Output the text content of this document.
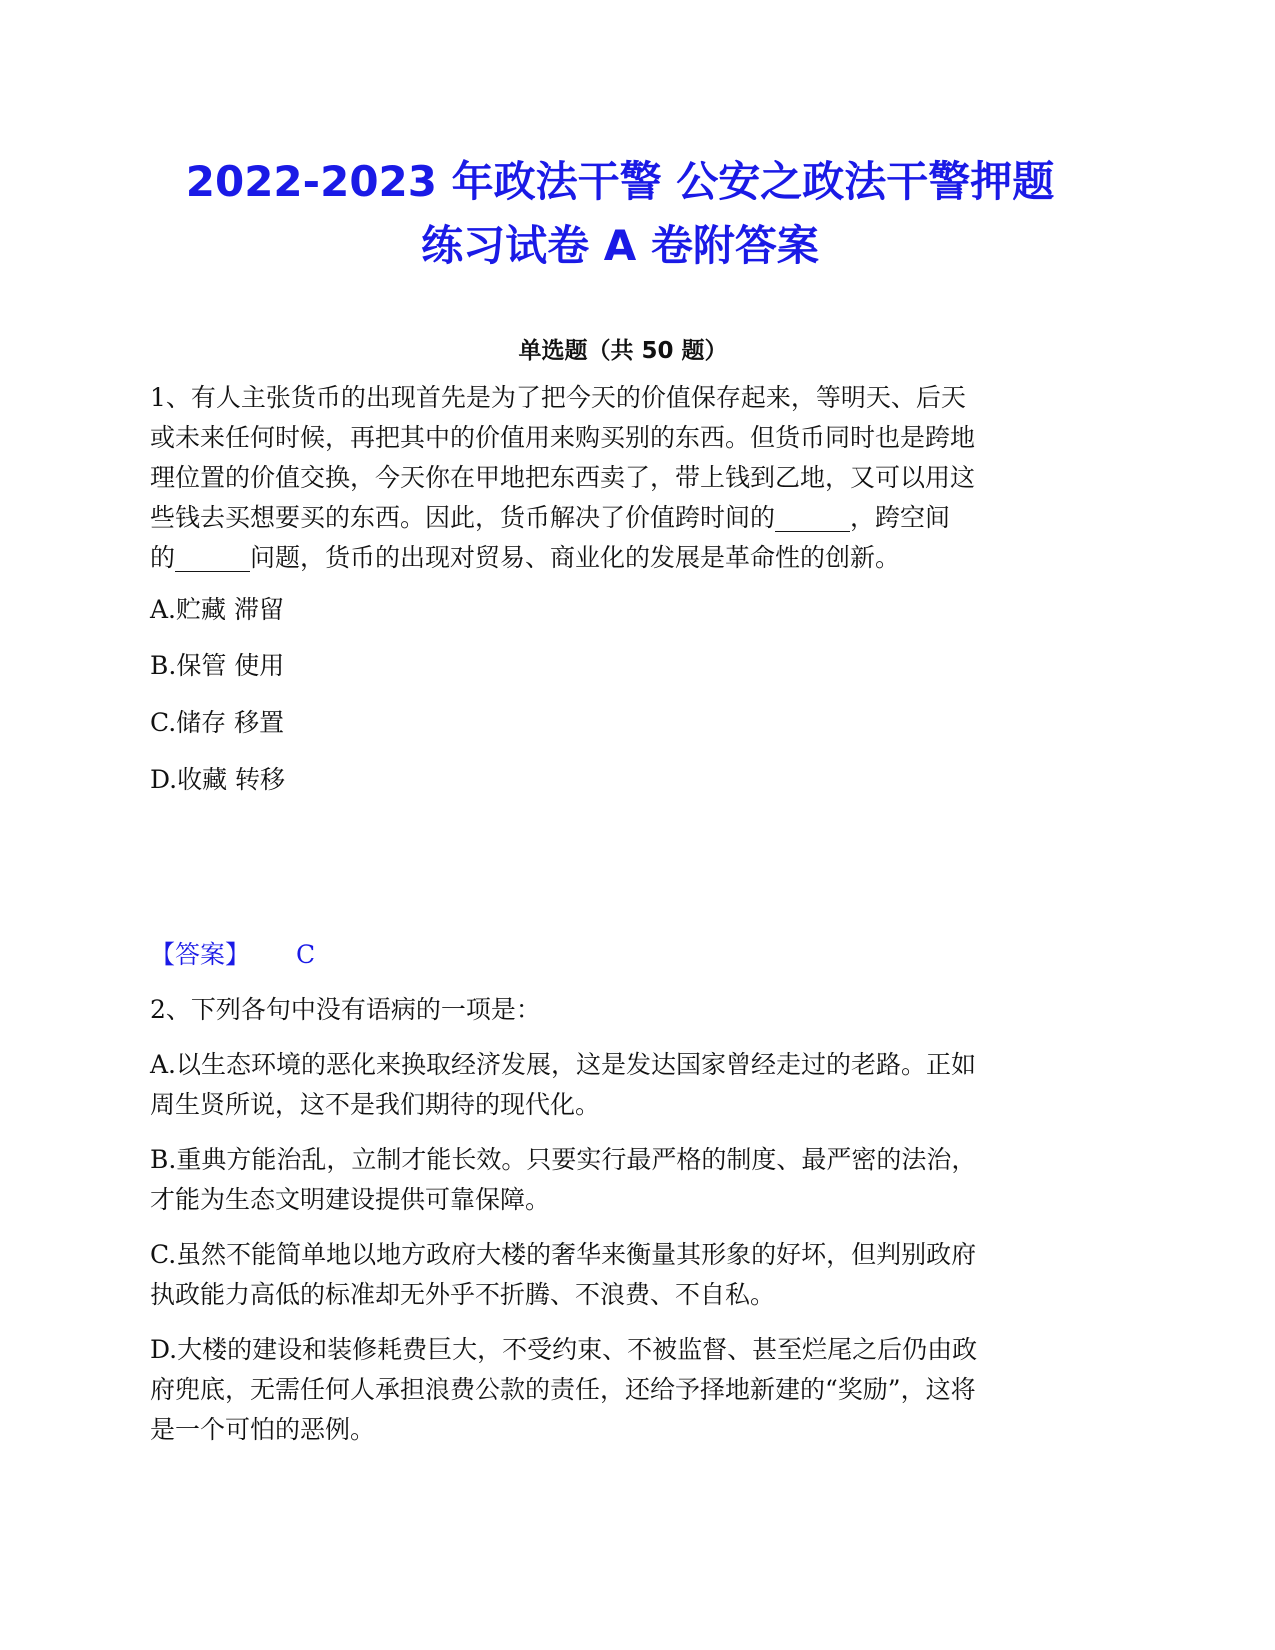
2022-2023 年政法干警 公安之政法干警押题
练习试卷 A 卷附答案
单选题（共 50 题）
1、有人主张货币的出现首先是为了把今天的价值保存起来，等明天、后天
或未来任何时候，再把其中的价值用来购买别的东西。但货币同时也是跨地
理位置的价值交换，今天你在甲地把东西卖了，带上钱到乙地，又可以用这
些钱去买想要买的东西。因此，货币解决了价值跨时间的______，跨空间
的______问题，货币的出现对贸易、商业化的发展是革命性的创新。
A.贮藏 滞留
B.保管 使用
C.储存 移置
D.收藏 转移
【答案】 C
2、下列各句中没有语病的一项是：
A.以生态环境的恶化来换取经济发展，这是发达国家曾经走过的老路。正如
周生贤所说，这不是我们期待的现代化。
B.重典方能治乱，立制才能长效。只要实行最严格的制度、最严密的法治，
才能为生态文明建设提供可靠保障。
C.虽然不能简单地以地方政府大楼的奢华来衡量其形象的好坏，但判别政府
执政能力高低的标准却无外乎不折腾、不浪费、不自私。
D.大楼的建设和装修耗费巨大，不受约束、不被监督、甚至烂尾之后仍由政
府兜底，无需任何人承担浪费公款的责任，还给予择地新建的“奖励”，这将
是一个可怕的恶例。
